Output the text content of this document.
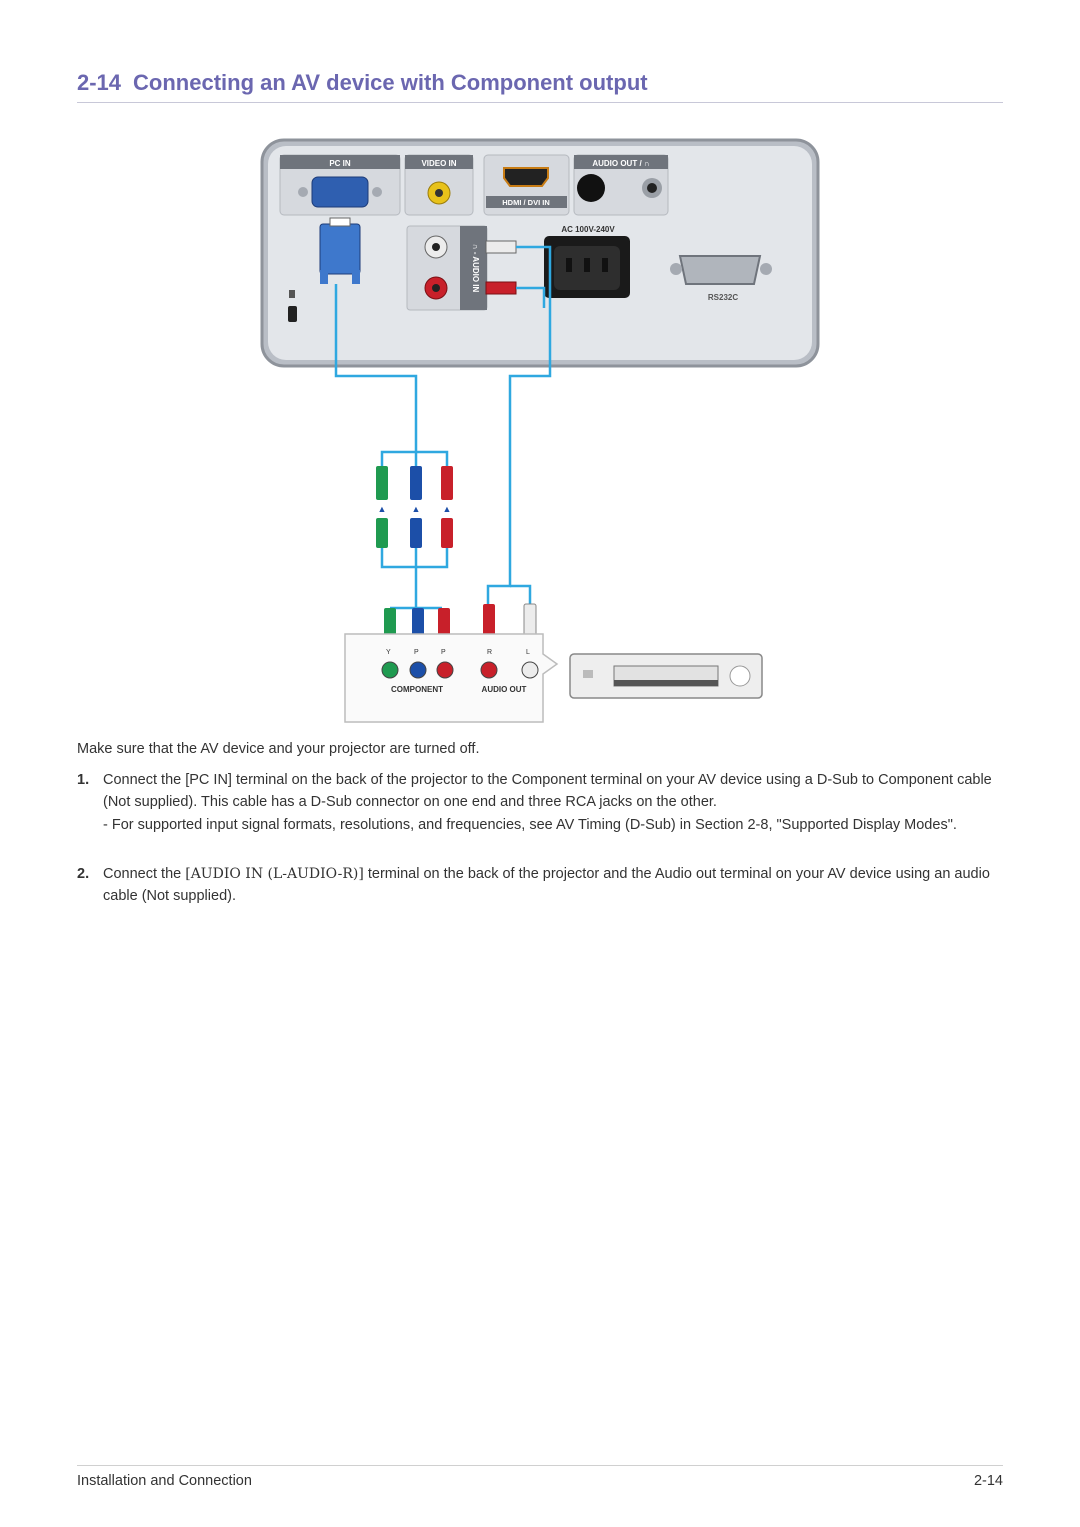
2-14 Connecting an AV device with Component output
PC IN	VIDEO IN
HDMI / DVI IN
AUDIO OUT / ∩
∩ - AUDIO IN
AC 100V-240V
RS232C
▲	▲ ▲
Y	P	P	R	L
COMPONENT	AUDIO OUT
Make sure that the AV device and your projector are turned off.
1. Connect the [PC IN] terminal on the back of the projector to the Component terminal on your AV device using a D-Sub to Component cable (Not supplied). This cable has a D-Sub connector on one end and three RCA jacks on the other.
- For supported input signal formats, resolutions, and frequencies, see AV Timing (D-Sub) in Section 2-8, "Supported Display Modes".
2. Connect the [AUDIO IN (L-AUDIO-R)] terminal on the back of the projector and the Audio out terminal on your AV device using an audio cable (Not supplied).
Installation and Connection	2-14
